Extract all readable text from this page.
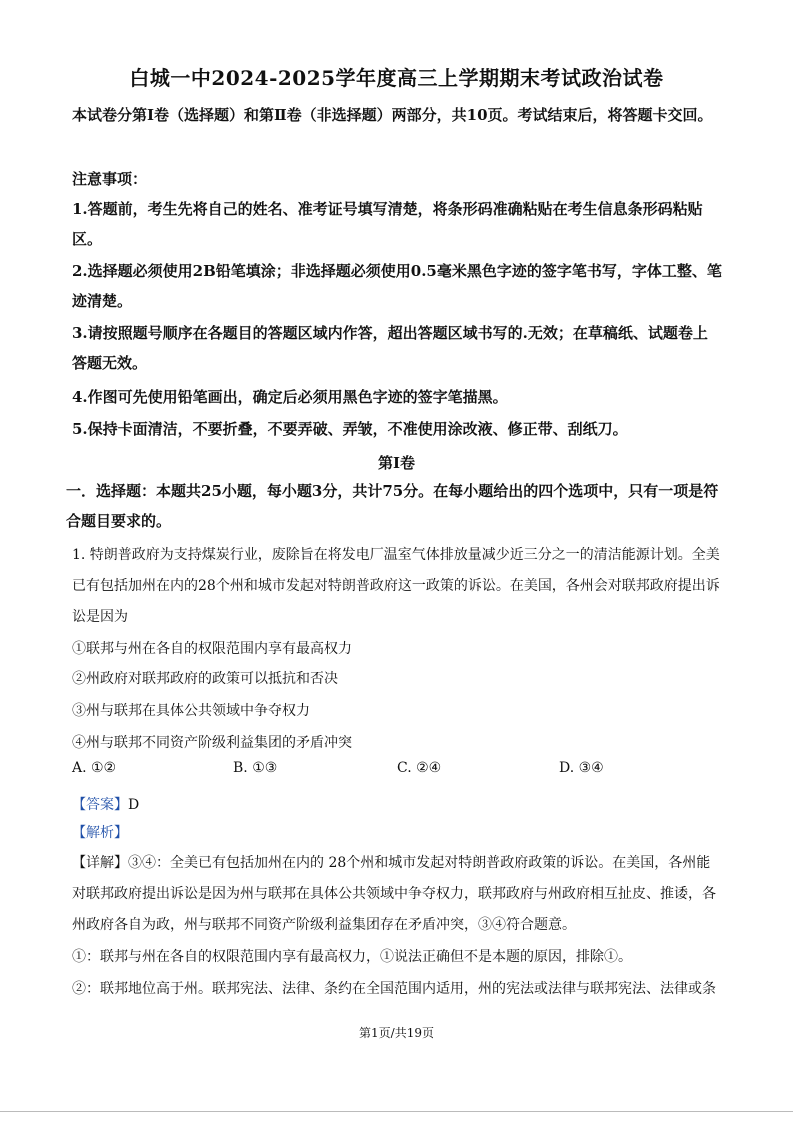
白城一中2024-2025学年度高三上学期期末考试政治试卷
本试卷分第Ⅰ卷（选择题）和第Ⅱ卷（非选择题）两部分，共10页。考试结束后，将答题卡交回。
注意事项：
1.答题前，考生先将自己的姓名、准考证号填写清楚，将条形码准确粘贴在考生信息条形码粘贴区。
2.选择题必须使用2B铅笔填涂；非选择题必须使用0.5毫米黑色字迹的签字笔书写，字体工整、笔迹清楚。
3.请按照题号顺序在各题目的答题区域内作答，超出答题区域书写的.无效；在草稿纸、试题卷上答题无效。
4.作图可先使用铅笔画出，确定后必须用黑色字迹的签字笔描黑。
5.保持卡面清洁，不要折叠，不要弄破、弄皱，不准使用涂改液、修正带、刮纸刀。
第Ⅰ卷
一．选择题：本题共25小题，每小题3分，共计75分。在每小题给出的四个选项中，只有一项是符合题目要求的。
1. 特朗普政府为支持煤炭行业，废除旨在将发电厂温室气体排放量减少近三分之一的清洁能源计划。全美已有包括加州在内的28个州和城市发起对特朗普政府这一政策的诉讼。在美国，各州会对联邦政府提出诉讼是因为
①联邦与州在各自的权限范围内享有最高权力
②州政府对联邦政府的政策可以抵抗和否决
③州与联邦在具体公共领域中争夺权力
④州与联邦不同资产阶级利益集团的矛盾冲突
A. ①②	B. ①③	C. ②④	D. ③④
【答案】D
【解析】
【详解】③④：全美已有包括加州在内的 28个州和城市发起对特朗普政府政策的诉讼。在美国，各州能对联邦政府提出诉讼是因为州与联邦在具体公共领域中争夺权力，联邦政府与州政府相互扯皮、推诿，各州政府各自为政，州与联邦不同资产阶级利益集团存在矛盾冲突，③④符合题意。
①：联邦与州在各自的权限范围内享有最高权力，①说法正确但不是本题的原因，排除①。
②：联邦地位高于州。联邦宪法、法律、条约在全国范围内适用，州的宪法或法律与联邦宪法、法律或条
第1页/共19页
